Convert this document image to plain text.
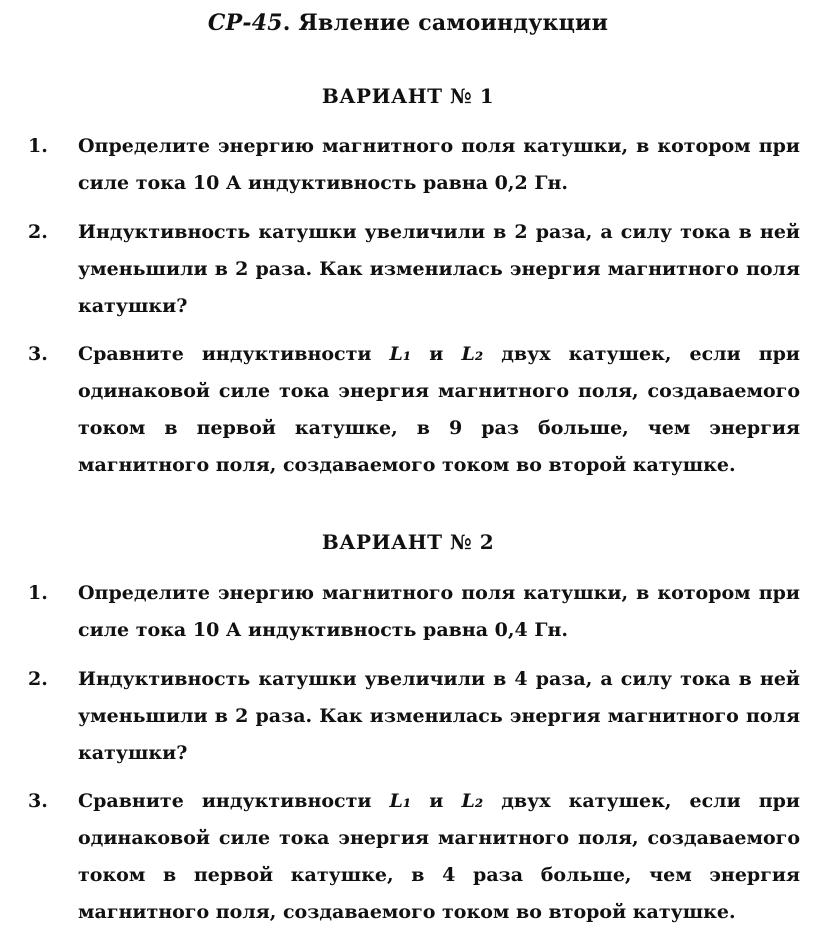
СР-45. Явление самоиндукции
ВАРИАНТ № 1
1.	Определите энергию магнитного поля катушки, в котором при силе тока 10 А индуктивность равна 0,2 Гн.
2.	Индуктивность катушки увеличили в 2 раза, а силу тока в ней уменьшили в 2 раза. Как изменилась энергия магнитного поля катушки?
3.	Сравните индуктивности L₁ и L₂ двух катушек, если при одинаковой силе тока энергия магнитного поля, создаваемого током в первой катушке, в 9 раз больше, чем энергия магнитного поля, создаваемого током во второй катушке.
ВАРИАНТ № 2
1.	Определите энергию магнитного поля катушки, в котором при силе тока 10 А индуктивность равна 0,4 Гн.
2.	Индуктивность катушки увеличили в 4 раза, а силу тока в ней уменьшили в 2 раза. Как изменилась энергия магнитного поля катушки?
3.	Сравните индуктивности L₁ и L₂ двух катушек, если при одинаковой силе тока энергия магнитного поля, создаваемого током в первой катушке, в 4 раза больше, чем энергия магнитного поля, создаваемого током во второй катушке.
